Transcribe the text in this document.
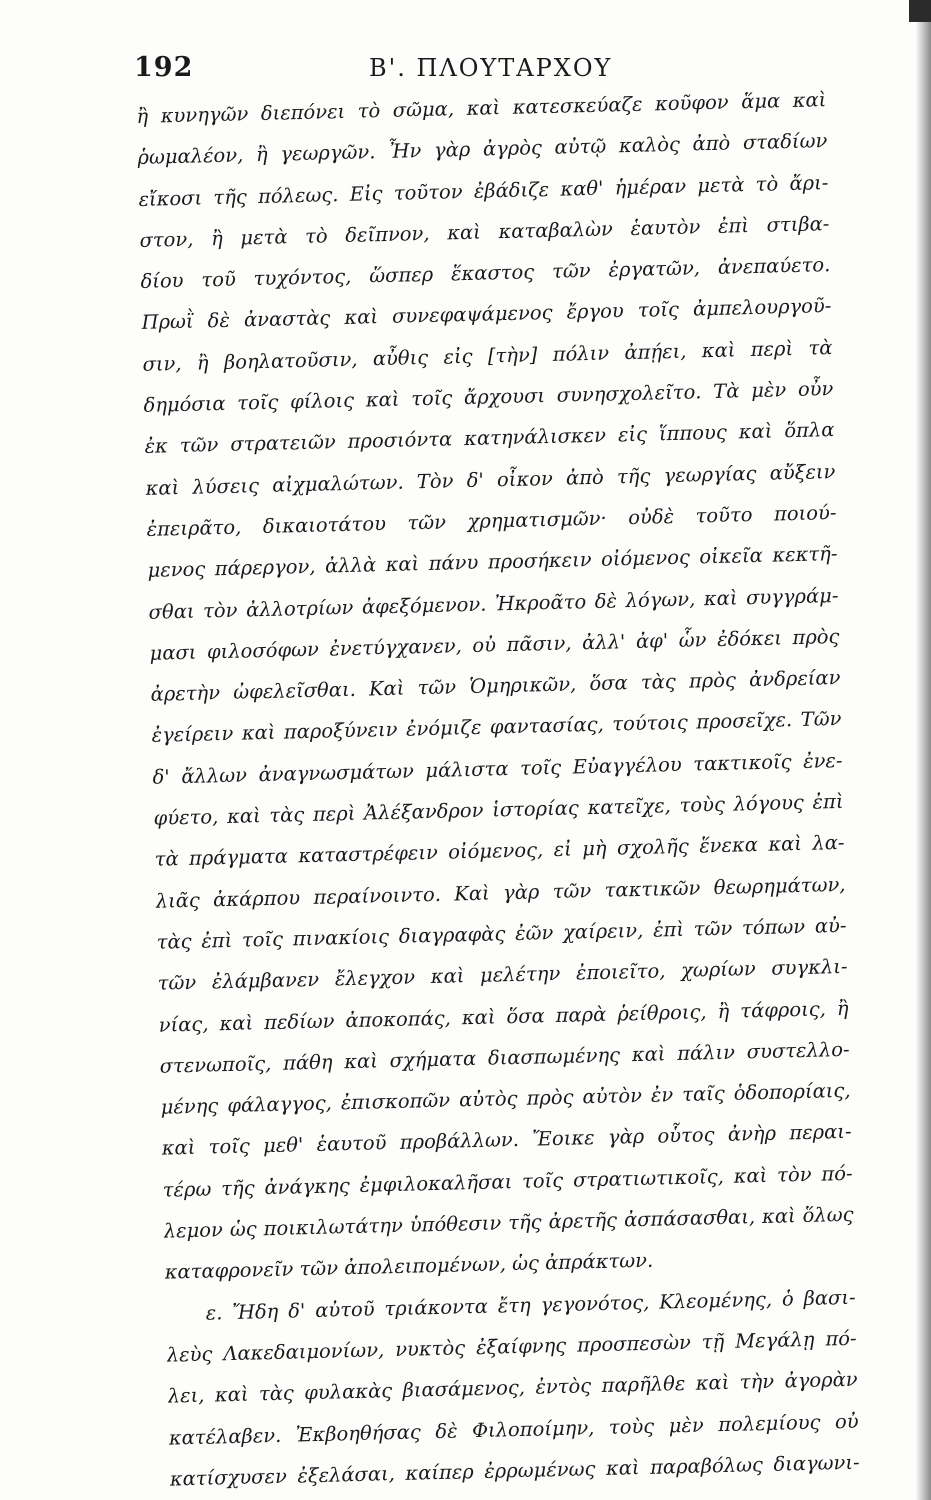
192	Β'. ΠΛΟΥΤΑΡΧΟΥ
ἢ κυνηγῶν διεπόνει τὸ σῶμα, καὶ κατεσκεύαζε κοῦφον ἅμα καὶ
ῥωμαλέον, ἢ γεωργῶν. Ἦν γὰρ ἀγρὸς αὐτῷ καλὸς ἀπὸ σταδίων
εἴκοσι τῆς πόλεως. Εἰς τοῦτον ἐβάδιζε καθ' ἡμέραν μετὰ τὸ ἄρι-
στον, ἢ μετὰ τὸ δεῖπνον, καὶ καταβαλὼν ἑαυτὸν ἐπὶ στιβα-
δίου τοῦ τυχόντος, ὥσπερ ἕκαστος τῶν ἐργατῶν, ἀνεπαύετο.
Πρωῒ δὲ ἀναστὰς καὶ συνεφαψάμενος ἔργου τοῖς ἀμπελουργοῦ-
σιν, ἢ βοηλατοῦσιν, αὖθις εἰς [τὴν] πόλιν ἀπῄει, καὶ περὶ τὰ
δημόσια τοῖς φίλοις καὶ τοῖς ἄρχουσι συνησχολεῖτο. Τὰ μὲν οὖν
ἐκ τῶν στρατειῶν προσιόντα κατηνάλισκεν εἰς ἵππους καὶ ὅπλα
καὶ λύσεις αἰχμαλώτων. Τὸν δ' οἶκον ἀπὸ τῆς γεωργίας αὔξειν
ἐπειρᾶτο, δικαιοτάτου τῶν χρηματισμῶν· οὐδὲ τοῦτο ποιού-
μενος πάρεργον, ἀλλὰ καὶ πάνυ προσήκειν οἰόμενος οἰκεῖα κεκτῆ-
σθαι τὸν ἀλλοτρίων ἀφεξόμενον. Ἠκροᾶτο δὲ λόγων, καὶ συγγράμ-
μασι φιλοσόφων ἐνετύγχανεν, οὐ πᾶσιν, ἀλλ' ἀφ' ὧν ἐδόκει πρὸς
ἀρετὴν ὠφελεῖσθαι. Καὶ τῶν Ὁμηρικῶν, ὅσα τὰς πρὸς ἀνδρείαν
ἐγείρειν καὶ παροξύνειν ἐνόμιζε φαντασίας, τούτοις προσεῖχε. Τῶν
δ' ἄλλων ἀναγνωσμάτων μάλιστα τοῖς Εὐαγγέλου τακτικοῖς ἐνε-
φύετο, καὶ τὰς περὶ Ἀλέξανδρον ἱστορίας κατεῖχε, τοὺς λόγους ἐπὶ
τὰ πράγματα καταστρέφειν οἰόμενος, εἰ μὴ σχολῆς ἕνεκα καὶ λα-
λιᾶς ἀκάρπου περαίνοιντο. Καὶ γὰρ τῶν τακτικῶν θεωρημάτων,
τὰς ἐπὶ τοῖς πινακίοις διαγραφὰς ἐῶν χαίρειν, ἐπὶ τῶν τόπων αὐ-
τῶν ἐλάμβανεν ἔλεγχον καὶ μελέτην ἐποιεῖτο, χωρίων συγκλι-
νίας, καὶ πεδίων ἀποκοπάς, καὶ ὅσα παρὰ ῥείθροις, ἢ τάφροις, ἢ
στενωποῖς, πάθη καὶ σχήματα διασπωμένης καὶ πάλιν συστελλο-
μένης φάλαγγος, ἐπισκοπῶν αὐτὸς πρὸς αὐτὸν ἐν ταῖς ὁδοπορίαις,
καὶ τοῖς μεθ' ἑαυτοῦ προβάλλων. Ἔοικε γὰρ οὗτος ἀνὴρ περαι-
τέρω τῆς ἀνάγκης ἐμφιλοκαλῆσαι τοῖς στρατιωτικοῖς, καὶ τὸν πό-
λεμον ὡς ποικιλωτάτην ὑπόθεσιν τῆς ἀρετῆς ἀσπάσασθαι, καὶ ὅλως
καταφρονεῖν τῶν ἀπολειπομένων, ὡς ἀπράκτων.
ε. Ἤδη δ' αὐτοῦ τριάκοντα ἔτη γεγονότος, Κλεομένης, ὁ βασι-
λεὺς Λακεδαιμονίων, νυκτὸς ἐξαίφνης προσπεσὼν τῇ Μεγάλῃ πό-
λει, καὶ τὰς φυλακὰς βιασάμενος, ἐντὸς παρῆλθε καὶ τὴν ἀγορὰν
κατέλαβεν. Ἐκβοηθήσας δὲ Φιλοποίμην, τοὺς μὲν πολεμίους οὐ
κατίσχυσεν ἐξελάσαι, καίπερ ἐρρωμένως καὶ παραβόλως διαγωνι-
